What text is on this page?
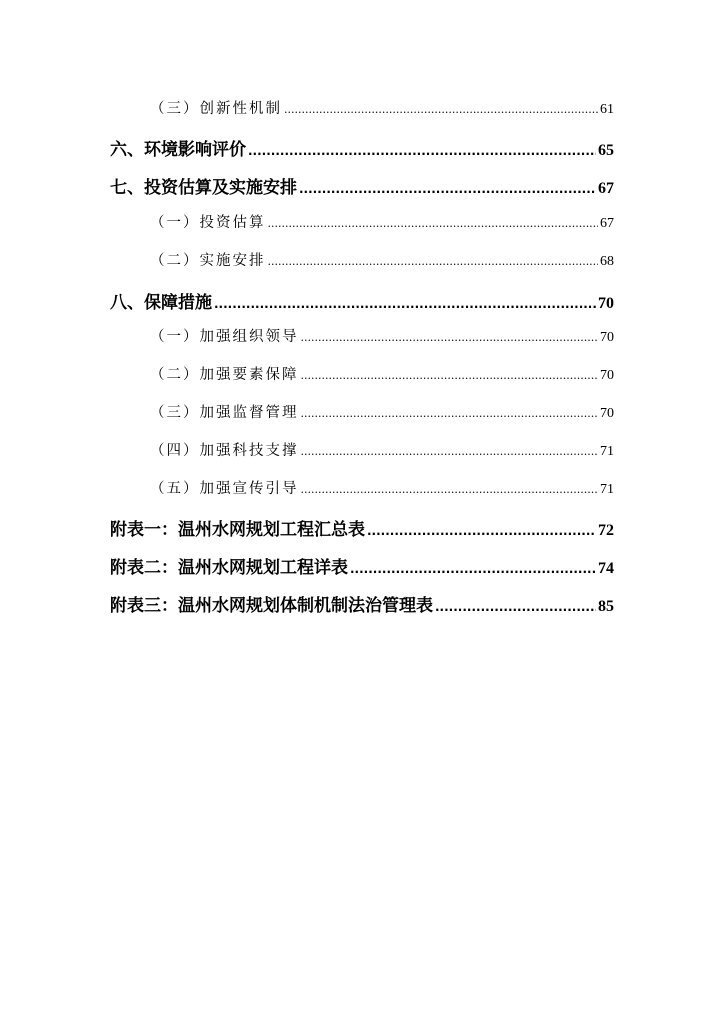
（三）创新性机制 .....	61
六、环境影响评价 .....	65
七、投资估算及实施安排 .....	67
（一）投资估算 .....	67
（二）实施安排 .....	68
八、保障措施 .....	70
（一）加强组织领导 .....	70
（二）加强要素保障 .....	70
（三）加强监督管理 .....	70
（四）加强科技支撑 .....	71
（五）加强宣传引导 .....	71
附表一：温州水网规划工程汇总表 .....	72
附表二：温州水网规划工程详表 .....	74
附表三：温州水网规划体制机制法治管理表 .....	85
